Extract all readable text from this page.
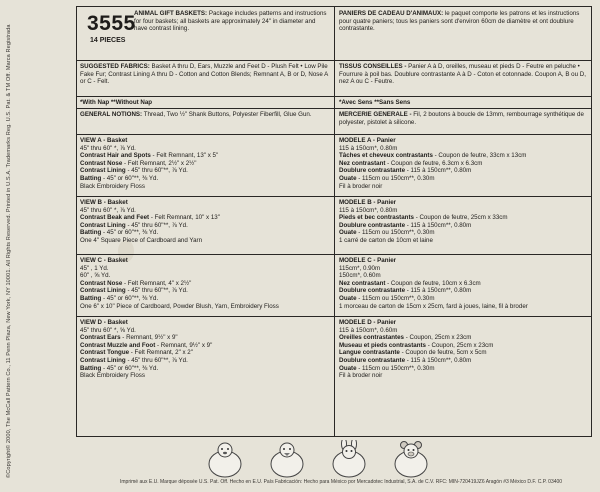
©Copyright© 2000, The McCall Pattern Co., 11 Penn Plaza, New York, NY 10001. All Rights Reserved. Printed in U.S.A. Trademarks Reg. U.S. Pat. & TM Off. Marca Registrada
3555
14 PIECES
ANIMAL GIFT BASKETS: Package includes patterns and instructions for four baskets; all baskets are approximately 24" in diameter and have contrast lining.
PANIERS DE CADEAU D'ANIMAUX: le paquet comporte les patrons et les instructions pour quatre paniers; tous les paniers sont d'environ 60cm de diamètre et ont doublure contrastante.
SUGGESTED FABRICS: Basket A thru D, Ears, Muzzle and Feet D - Plush Felt • Low Pile Fake Fur; Contrast Lining A thru D - Cotton and Cotton Blends; Remnant A, B or D, Nose A or C - Felt.
TISSUS CONSEILLES - Panier A à D, oreilles, museau et pieds D - Feutre en peluche • Fourrure à poil bas. Doublure contrastante A à D - Coton et cotonnade. Coupon A, B ou D, nez A ou C - Feutre.
*With Nap **Without Nap	*Avec Sens **Sans Sens
GENERAL NOTIONS: Thread, Two ½" Shank Buttons, Polyester Fiberfill, Glue Gun.	MERCERIE GENERALE - Fil, 2 boutons à boucle de 13mm, rembourrage synthétique de polyester, pistolet à silicone.
VIEW A - Basket
45" thru 60" *, ⅞ Yd.
Contrast Hair and Spots - Felt Remnant, 13" x 5"
Contrast Nose - Felt Remnant, 2½" x 2½"
Contrast Lining - 45" thru 60"**, ⅞ Yd.
Batting - 45" or 60"**, ⅜ Yd.
Black Embroidery Floss
VIEW B - Basket
45" thru 60" *, ⅞ Yd.
Contrast Beak and Feet - Felt Remnant, 10" x 13"
Contrast Lining - 45" thru 60"**, ⅞ Yd.
Batting - 45" or 60"**, ⅜ Yd.
One 4" Square Piece of Cardboard and Yarn
VIEW C - Basket
45" , 1 Yd.
60" , ⅝ Yd.
Contrast Nose - Felt Remnant, 4" x 2½"
Contrast Lining - 45" thru 60"**, ⅞ Yd.
Batting - 45" or 60"**, ⅜ Yd.
One 6" x 10" Piece of Cardboard, Powder Blush, Yarn, Embroidery Floss
VIEW D - Basket
45" thru 60" *, ⅝ Yd.
Contrast Ears - Remnant, 9½" x 9"
Contrast Muzzle and Foot - Remnant, 9½" x 9"
Contrast Tongue - Felt Remnant, 2" x 2"
Contrast Lining - 45" thru 60"**, ⅞ Yd.
Batting - 45" or 60"**, ⅜ Yd.
Black Embroidery Floss
MODELE A - Panier
115 à 150cm*, 0.80m
Tâches et cheveux contrastants - Coupon de feutre, 33cm x 13cm
Nez contrastant - Coupon de feutre, 6.3cm x 6.3cm
Doublure contrastante - 115 à 150cm**, 0.80m
Ouate - 115cm ou 150cm**, 0.30m
Fil à broder noir
MODELE B - Panier
115 à 150cm*, 0.80m
Pieds et bec contrastants - Coupon de feutre, 25cm x 33cm
Doublure contrastante - 115 à 150cm**, 0.80m
Ouate - 115cm ou 150cm**, 0.30m
1 carré de carton de 10cm et laine
MODELE C - Panier
115cm*, 0.90m
150cm*, 0.60m
Nez contrastant - Coupon de feutre, 10cm x 6.3cm
Doublure contrastante - 115 à 150cm**, 0.80m
Ouate - 115cm ou 150cm**, 0.30m
1 morceau de carton de 15cm x 25cm, fard à joues, laine, fil à broder
MODELE D - Panier
115 à 150cm*, 0.60m
Oreilles contrastantes - Coupon, 25cm x 23cm
Museau et pieds contrastants - Coupon, 25cm x 23cm
Langue contrastante - Coupon de feutre, 5cm x 5cm
Doublure contrastante - 115 à 150cm**, 0.80m
Ouate - 115cm ou 150cm**, 0.30m
Fil à broder noir
Imprimé aux E.U. Marque déposée U.S. Pat. Off. Hecho en E.U. País Fabricación: Hecho para México por Mercadotec Industrial, S.A. de C.V. RFC: MIN-720419JZ6 Aragón #3 México D.F. C.P. 03400
